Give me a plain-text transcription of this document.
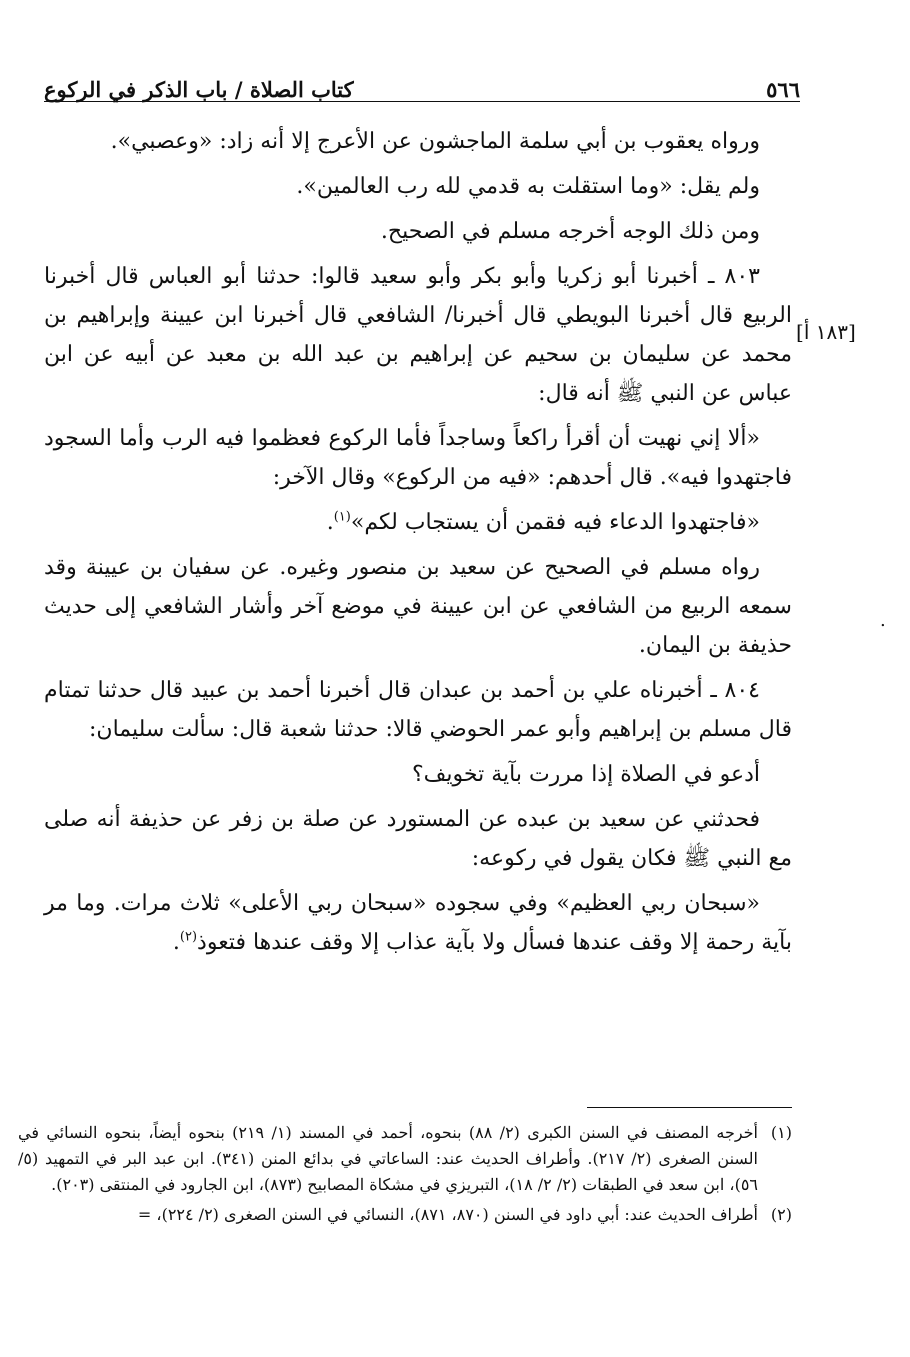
٥٦٦
كتاب الصلاة / باب الذكر في الركوع
[١٨٣ أ]

ورواه يعقوب بن أبي سلمة الماجشون عن الأعرج إلا أنه زاد: «وعصبي».

ولم يقل: «وما استقلت به قدمي لله رب العالمين».

ومن ذلك الوجه أخرجه مسلم في الصحيح.

٨٠٣ ـ أخبرنا أبو زكريا وأبو بكر وأبو سعيد قالوا: حدثنا أبو العباس قال أخبرنا الربيع قال أخبرنا البويطي قال أخبرنا/ الشافعي قال أخبرنا ابن عيينة وإبراهيم بن محمد عن سليمان بن سحيم عن إبراهيم بن عبد الله بن معبد عن أبيه عن ابن عباس عن النبي ﷺ أنه قال:

«ألا إني نهيت أن أقرأ راكعاً وساجداً فأما الركوع فعظموا فيه الرب وأما السجود فاجتهدوا فيه». قال أحدهم: «فيه من الركوع» وقال الآخر:

«فاجتهدوا الدعاء فيه فقمن أن يستجاب لكم»$^{(١)}$.

رواه مسلم في الصحيح عن سعيد بن منصور وغيره. عن سفيان بن عيينة وقد سمعه الربيع من الشافعي عن ابن عيينة في موضع آخر وأشار الشافعي إلى حديث حذيفة بن اليمان.

٨٠٤ ـ أخبرناه علي بن أحمد بن عبدان قال أخبرنا أحمد بن عبيد قال حدثنا تمتام قال مسلم بن إبراهيم وأبو عمر الحوضي قالا: حدثنا شعبة قال: سألت سليمان:

أدعو في الصلاة إذا مررت بآية تخويف؟

فحدثني عن سعيد بن عبده عن المستورد عن صلة بن زفر عن حذيفة أنه صلى مع النبي ﷺ فكان يقول في ركوعه:

«سبحان ربي العظيم» وفي سجوده «سبحان ربي الأعلى» ثلاث مرات. وما مر بآية رحمة إلا وقف عندها فسأل ولا بآية عذاب إلا وقف عندها فتعوذ$^{(٢)}$.

.
(١)
أخرجه المصنف في السنن الكبرى (٢/ ٨٨) بنحوه، أحمد في المسند (١/ ٢١٩) بنحوه أيضاً، بنحوه النسائي في السنن الصغرى (٢/ ٢١٧). وأطراف الحديث عند: الساعاتي في بدائع المنن (٣٤١). ابن عبد البر في التمهيد (٥/ ٥٦)، ابن سعد في الطبقات (٢/ ٢/ ١٨)، التبريزي في مشكاة المصابيح (٨٧٣)، ابن الجارود في المنتقى (٢٠٣).
(٢)
أطراف الحديث عند: أبي داود في السنن (٨٧٠، ٨٧١)، النسائي في السنن الصغرى (٢/ ٢٢٤)، =
